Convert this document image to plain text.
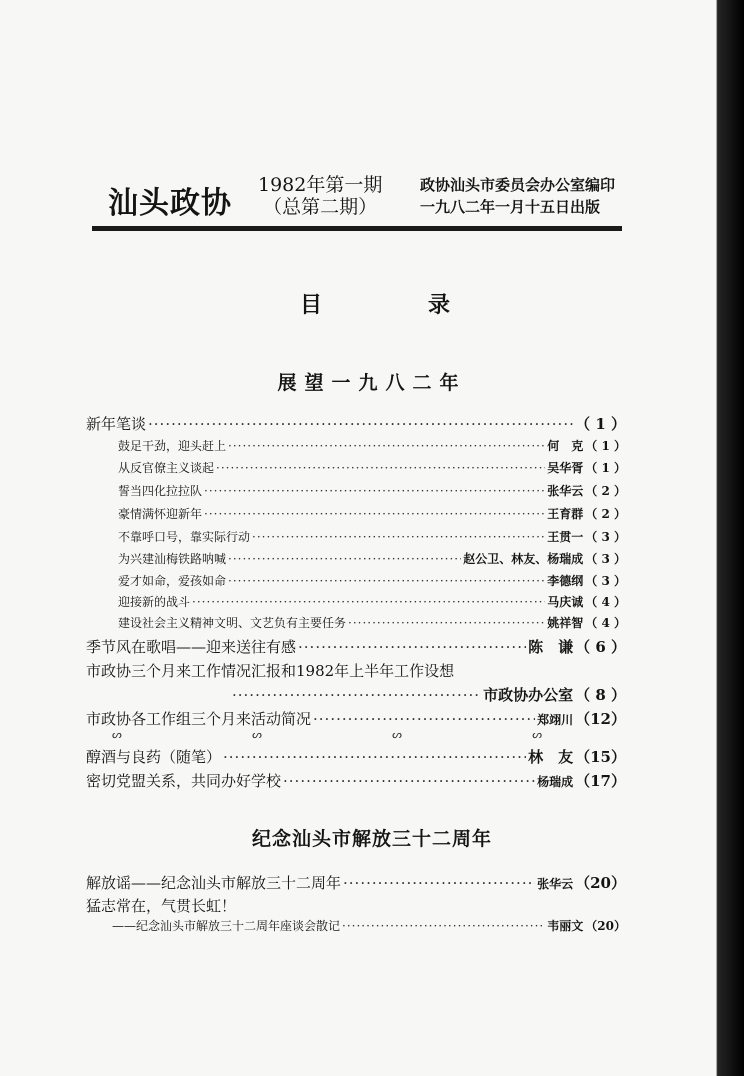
汕头政协
1982年第一期
（总第二期）
政协汕头市委员会办公室编印
一九八二年一月十五日出版
目	录
展望一九八二年
新年笔谈 ·····	（ 1 ）
鼓足干劲，迎头赶上 ·····	何　克 （ 1 ）
从反官僚主义谈起 ·····	吴华胥 （ 1 ）
誓当四化拉拉队 ·····	张华云 （ 2 ）
豪情满怀迎新年 ·····	王育群 （ 2 ）
不靠呼口号，靠实际行动 ·····	王贯一 （ 3 ）
为兴建汕梅铁路呐喊 ·····	赵公卫、林友、杨瑞成 （ 3 ）
爱才如命，爱孩如命 ·····	李德纲 （ 3 ）
迎接新的战斗 ·····	马庆诚 （ 4 ）
建设社会主义精神文明、文艺负有主要任务 ·····	姚祥智 （ 4 ）
季节风在歌唱——迎来送往有感 ·····	陈　谦 （ 6 ）
市政协三个月来工作情况汇报和1982年上半年工作设想
·····
市政协办公室 （ 8 ）
市政协各工作组三个月来活动简况 ·····	郑翊川 （12）
ᔕ	ᔕ	ᔕ	ᔕ
醇酒与良药（随笔） ·····	林　友 （15）
密切党盟关系，共同办好学校 ·····	杨瑞成 （17）
纪念汕头市解放三十二周年
解放谣——纪念汕头市解放三十二周年 ·····	张华云 （20）
猛志常在，气贯长虹！
——纪念汕头市解放三十二周年座谈会散记 ·····	韦丽文 （20）
